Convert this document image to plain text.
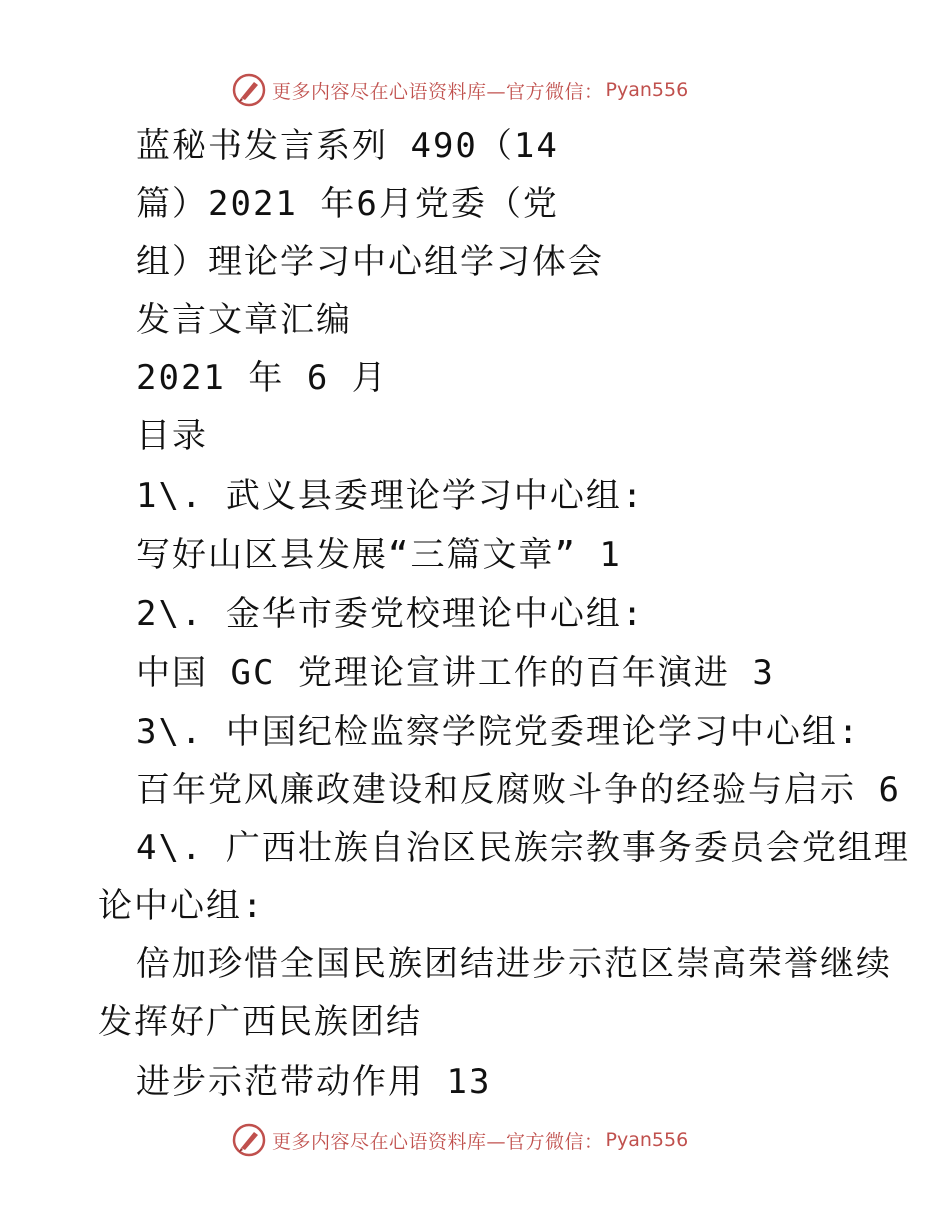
更多内容尽在心语资料库—官方微信： Pyan556
蓝秘书发言系列 490（14
篇）2021 年6月党委（党
组）理论学习中心组学习体会
发言文章汇编
2021 年 6 月
目录
1\. 武义县委理论学习中心组:
写好山区县发展“三篇文章” 1
2\. 金华市委党校理论中心组:
中国 GC 党理论宣讲工作的百年演进 3
3\. 中国纪检监察学院党委理论学习中心组:
百年党风廉政建设和反腐败斗争的经验与启示 6
4\. 广西壮族自治区民族宗教事务委员会党组理
论中心组:
倍加珍惜全国民族团结进步示范区崇高荣誉继续
发挥好广西民族团结
进步示范带动作用 13
更多内容尽在心语资料库—官方微信： Pyan556
